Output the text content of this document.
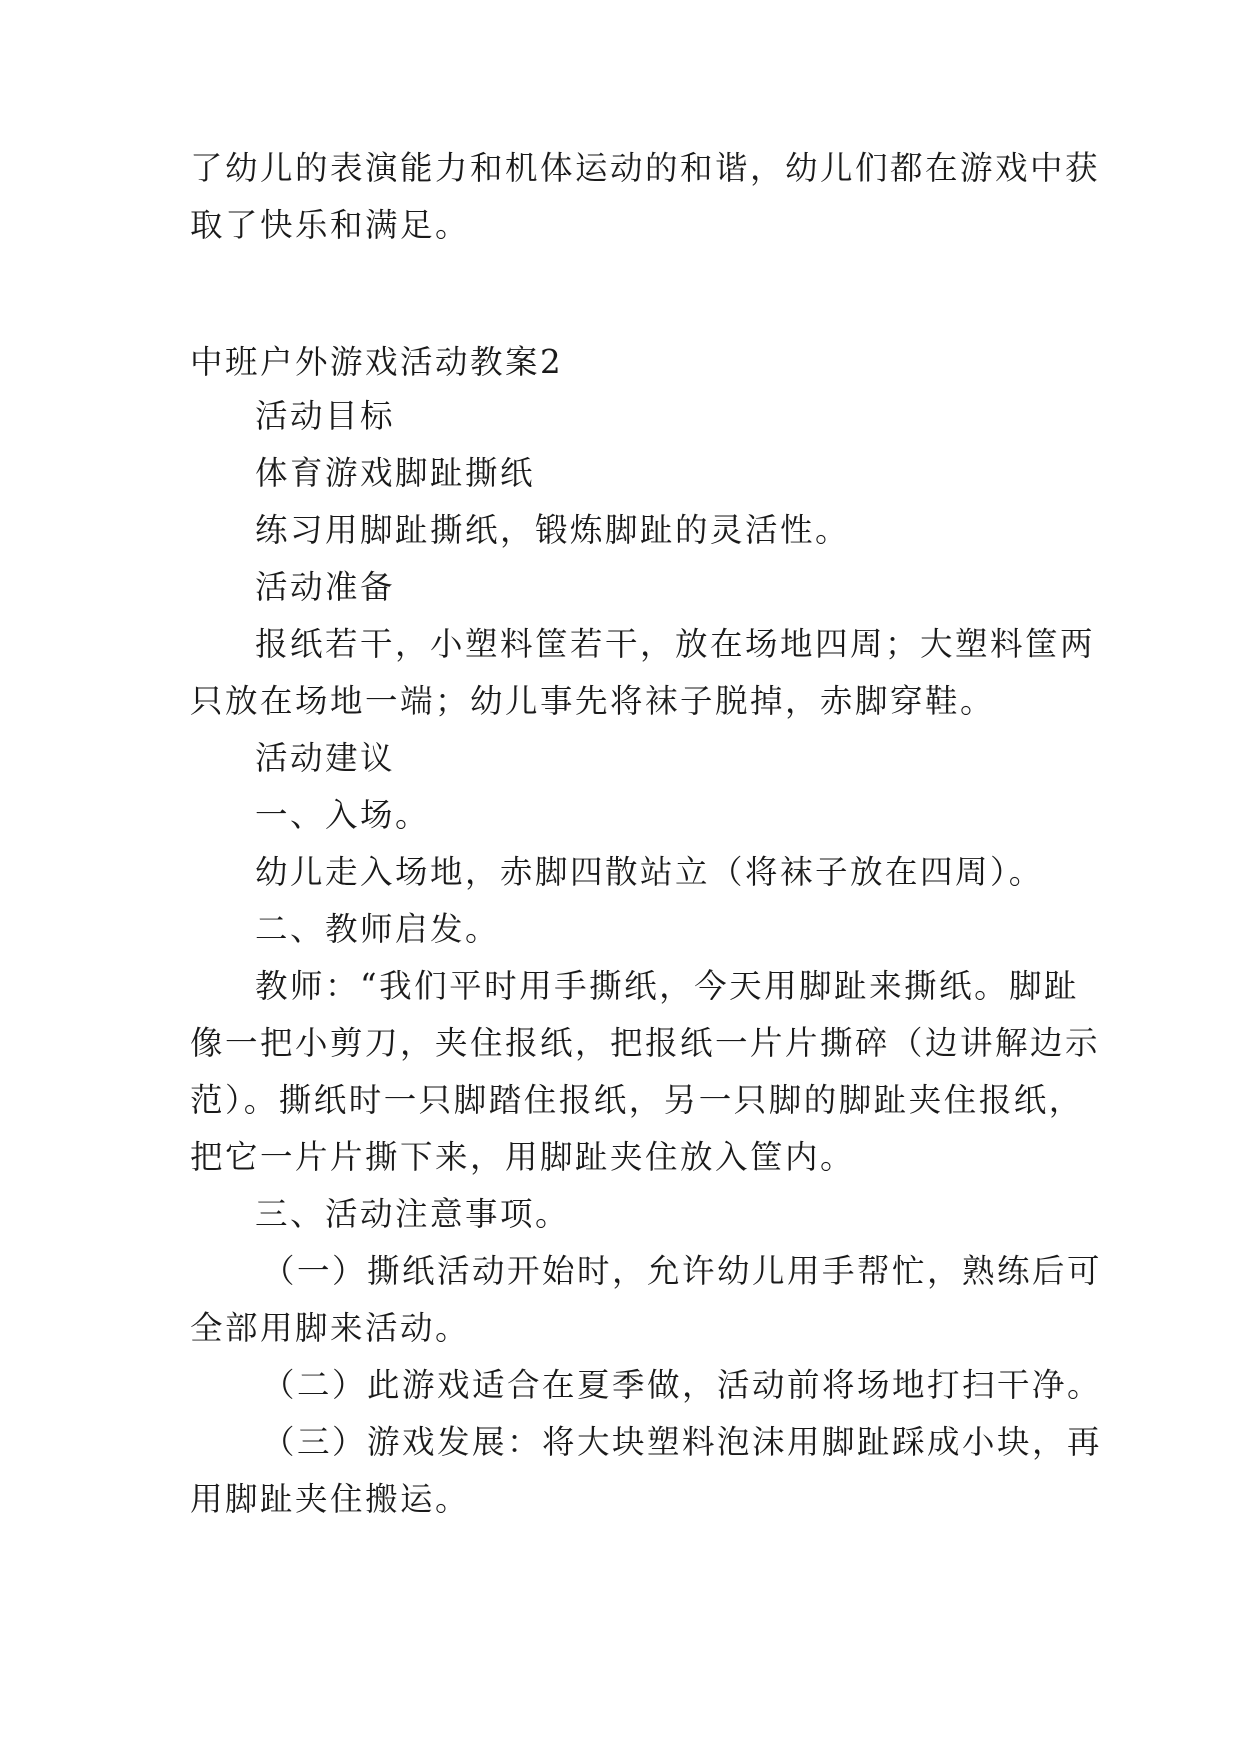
了幼儿的表演能力和机体运动的和谐，幼儿们都在游戏中获

取了快乐和满足。

中班户外游戏活动教案2

活动目标

体育游戏脚趾撕纸

练习用脚趾撕纸，锻炼脚趾的灵活性。

活动准备

报纸若干，小塑料筐若干，放在场地四周；大塑料筐两

只放在场地一端；幼儿事先将袜子脱掉，赤脚穿鞋。

活动建议

一、入场。

幼儿走入场地，赤脚四散站立（将袜子放在四周）。

二、教师启发。

教师：“我们平时用手撕纸，今天用脚趾来撕纸。脚趾

像一把小剪刀，夹住报纸，把报纸一片片撕碎（边讲解边示

范）。撕纸时一只脚踏住报纸，另一只脚的脚趾夹住报纸，

把它一片片撕下来，用脚趾夹住放入筐内。

三、活动注意事项。

（一）撕纸活动开始时，允许幼儿用手帮忙，熟练后可

全部用脚来活动。

（二）此游戏适合在夏季做，活动前将场地打扫干净。

（三）游戏发展：将大块塑料泡沫用脚趾踩成小块，再

用脚趾夹住搬运。
